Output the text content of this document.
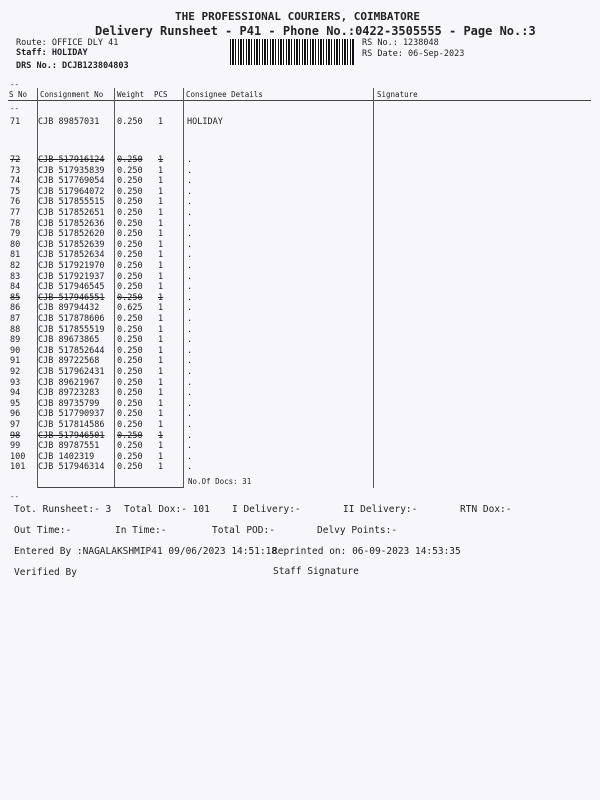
THE PROFESSIONAL COURIERS, COIMBATORE
Delivery Runsheet - P41 - Phone No.:0422-3505555 - Page No.:3
Route: OFFICE DLY 41
Staff: HOLIDAY
DRS No.: DCJB123804803
RS No.: 1238048
RS Date: 06-Sep-2023
--
S No Consignment No Weight PCS Consignee Details	Signature
--
71 CJB 89857031 0.250 1	HOLIDAY
72 CJB 517916124 0.250 1	.
73 CJB 517935839 0.250 1	.
74 CJB 517769054 0.250 1	.
75 CJB 517964072 0.250 1	.
76 CJB 517855515 0.250 1	.
77 CJB 517852651 0.250 1	.
78 CJB 517852636 0.250 1	.
79 CJB 517852620 0.250 1	.
80 CJB 517852639 0.250 1	.
81 CJB 517852634 0.250 1	.
82 CJB 517921970 0.250 1	.
83 CJB 517921937 0.250 1	.
84 CJB 517946545 0.250 1	.
85 CJB 517946551 0.250 1	.
86 CJB 89794432 0.625 1	.
87 CJB 517878606 0.250 1	.
88 CJB 517855519 0.250 1	.
89 CJB 89673865 0.250 1	.
90 CJB 517852644 0.250 1	.
91 CJB 89722568 0.250 1	.
92 CJB 517962431 0.250 1	.
93 CJB 89621967 0.250 1	.
94 CJB 89723283 0.250 1	.
95 CJB 89735799 0.250 1	.
96 CJB 517790937 0.250 1	.
97 CJB 517814586 0.250 1	.
98 CJB 517946501 0.250 1	.
99 CJB 89787551 0.250 1	.
100 CJB 1402319	0.250 1	.
101 CJB 517946314 0.250 1	.
No.Of Docs: 31
--
Tot. Runsheet:- 3 Total Dox:- 101 I Delivery:-	II Delivery:-	RTN Dox:-
Out Time:-	In Time:-	Total POD:-	Delvy Points:-
Entered By :NAGALAKSHMIP41 09/06/2023 14:51:18
Reprinted on: 06-09-2023 14:53:35
Verified By	Staff Signature
